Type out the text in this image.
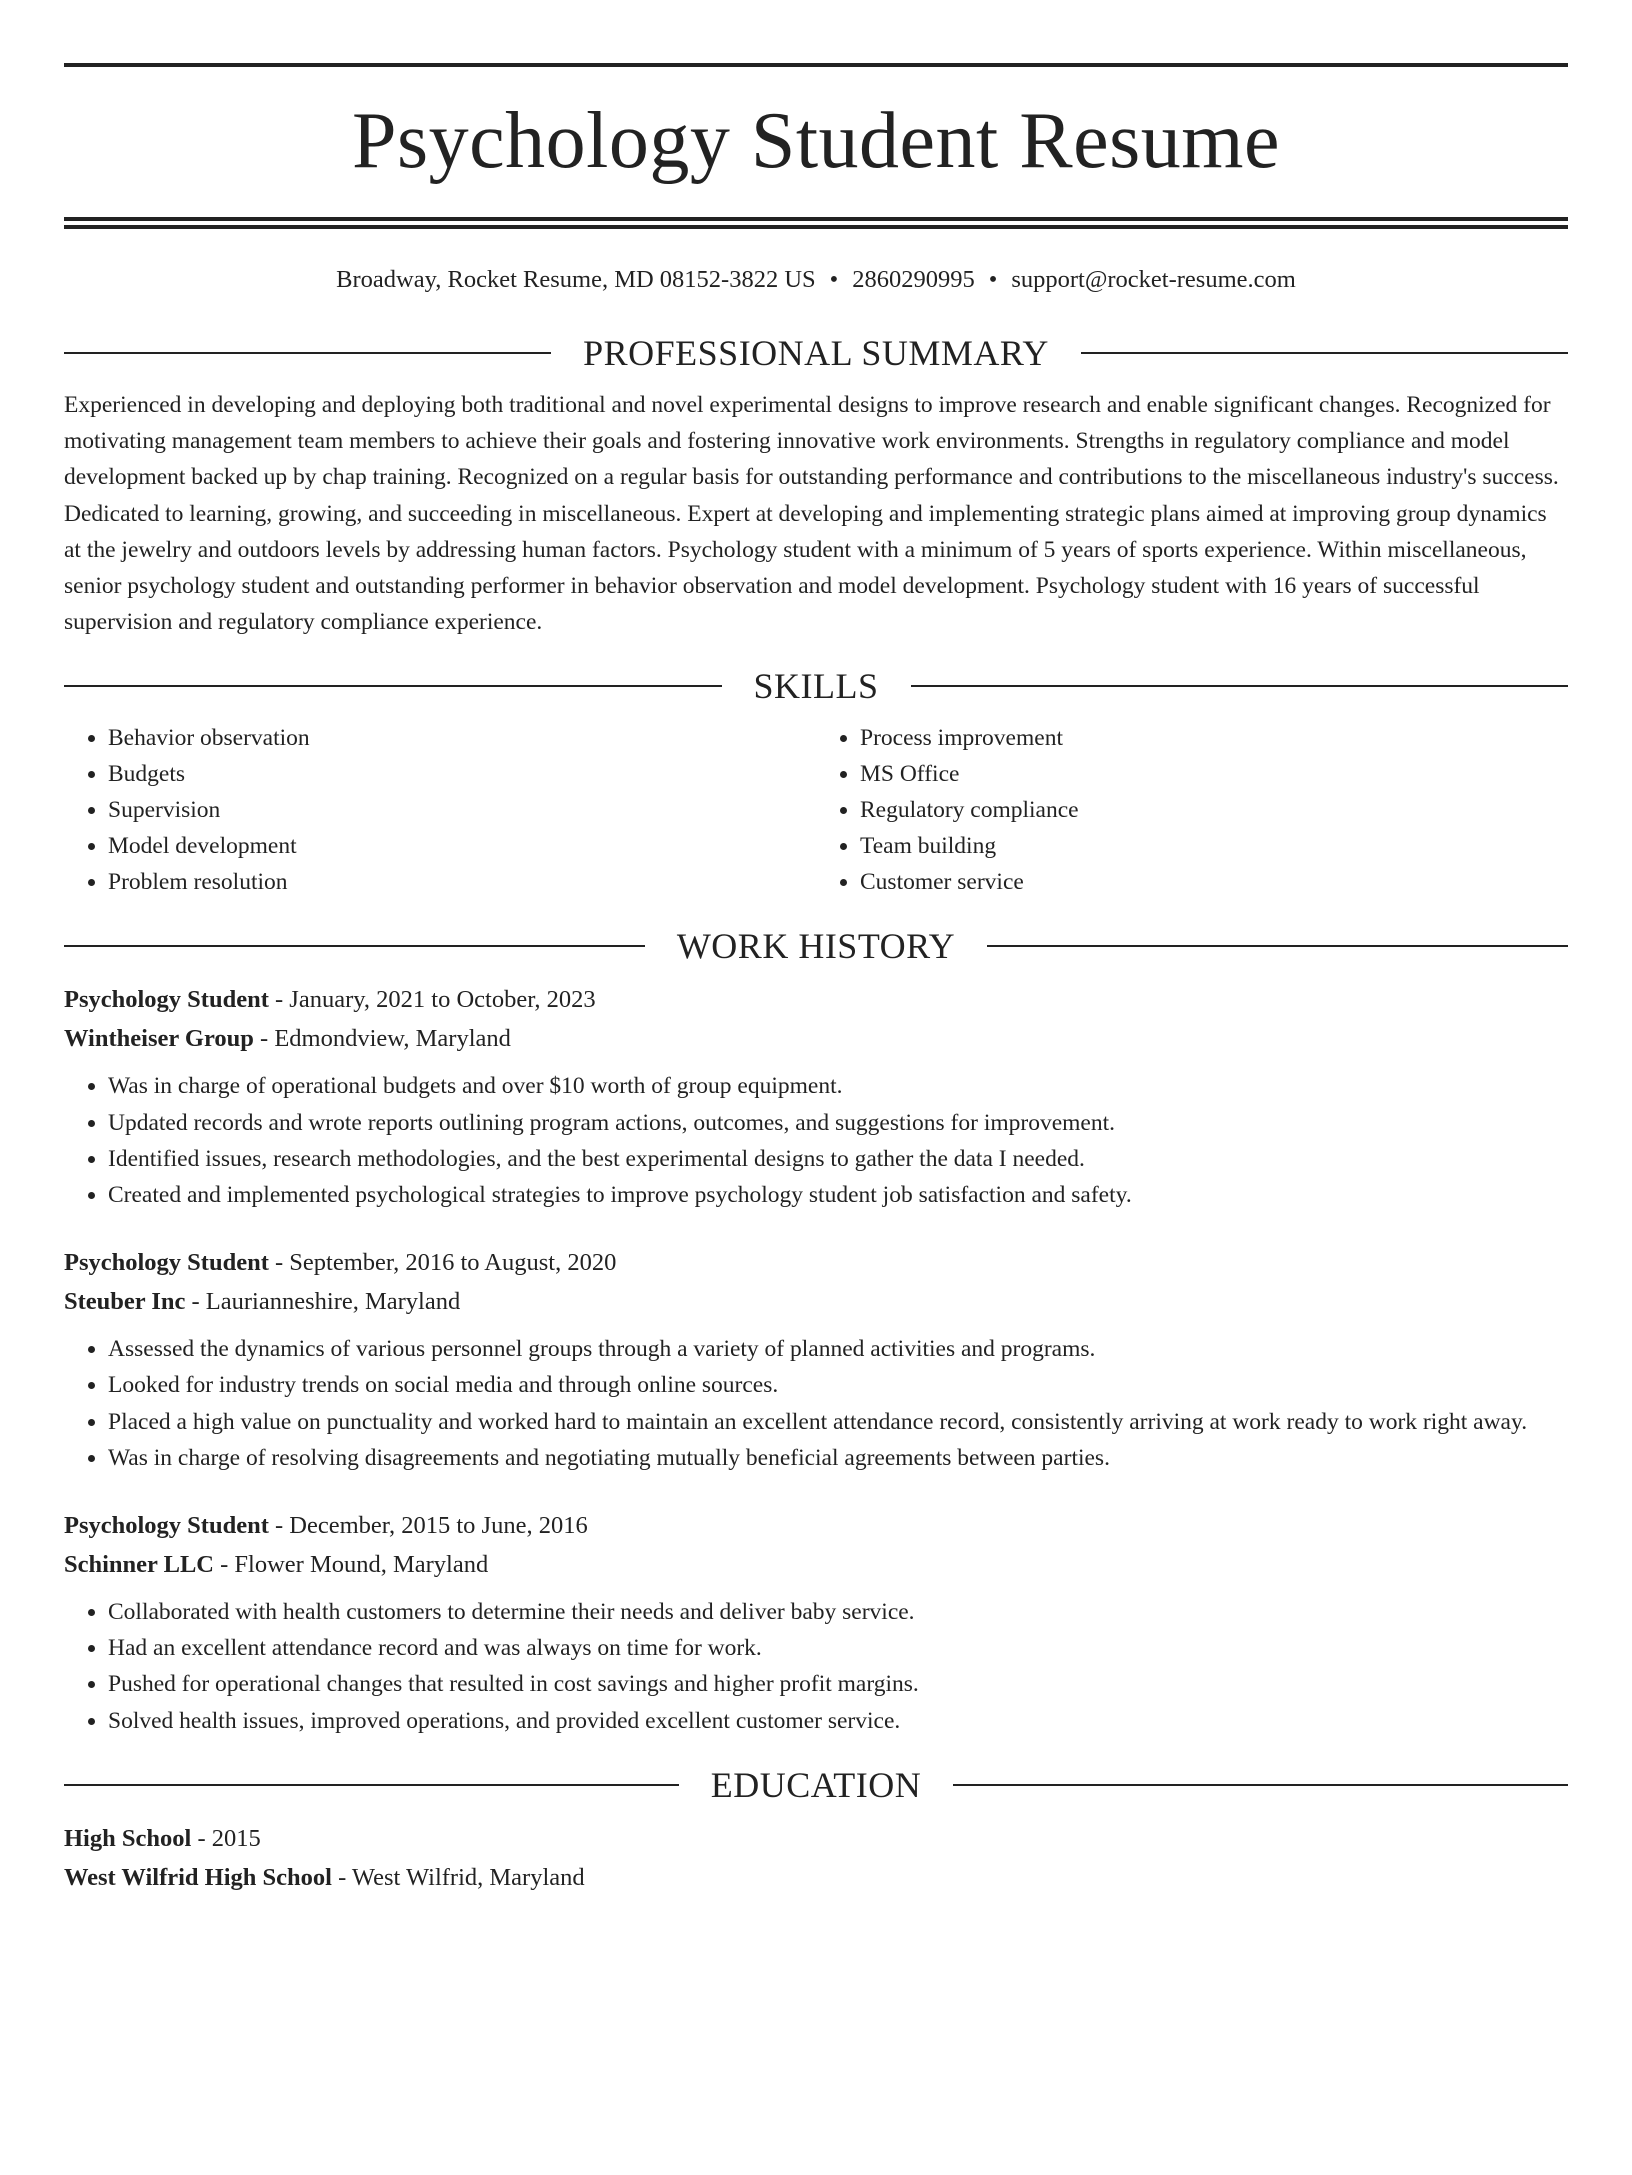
Psychology Student Resume
Broadway, Rocket Resume, MD 08152-3822 US • 2860290995 • support@rocket-resume.com
PROFESSIONAL SUMMARY

Experienced in developing and deploying both traditional and novel experimental designs to improve research and enable significant changes. Recognized for motivating management team members to achieve their goals and fostering innovative work environments. Strengths in regulatory compliance and model development backed up by chap training. Recognized on a regular basis for outstanding performance and contributions to the miscellaneous industry's success. Dedicated to learning, growing, and succeeding in miscellaneous. Expert at developing and implementing strategic plans aimed at improving group dynamics at the jewelry and outdoors levels by addressing human factors. Psychology student with a minimum of 5 years of sports experience. Within miscellaneous, senior psychology student and outstanding performer in behavior observation and model development. Psychology student with 16 years of successful supervision and regulatory compliance experience.

SKILLS
• Behavior observation
• Budgets
• Supervision
• Model development
• Problem resolution
• Process improvement
• MS Office
• Regulatory compliance
• Team building
• Customer service
WORK HISTORY
Psychology Student - January, 2021 to October, 2023
Wintheiser Group - Edmondview, Maryland
• Was in charge of operational budgets and over $10 worth of group equipment.
• Updated records and wrote reports outlining program actions, outcomes, and suggestions for improvement.
• Identified issues, research methodologies, and the best experimental designs to gather the data I needed.
• Created and implemented psychological strategies to improve psychology student job satisfaction and safety.
Psychology Student - September, 2016 to August, 2020
Steuber Inc - Laurianneshire, Maryland
• Assessed the dynamics of various personnel groups through a variety of planned activities and programs.
• Looked for industry trends on social media and through online sources.
• Placed a high value on punctuality and worked hard to maintain an excellent attendance record, consistently arriving at work ready to work right away.
• Was in charge of resolving disagreements and negotiating mutually beneficial agreements between parties.
Psychology Student - December, 2015 to June, 2016
Schinner LLC - Flower Mound, Maryland
• Collaborated with health customers to determine their needs and deliver baby service.
• Had an excellent attendance record and was always on time for work.
• Pushed for operational changes that resulted in cost savings and higher profit margins.
• Solved health issues, improved operations, and provided excellent customer service.
EDUCATION
High School - 2015
West Wilfrid High School - West Wilfrid, Maryland
